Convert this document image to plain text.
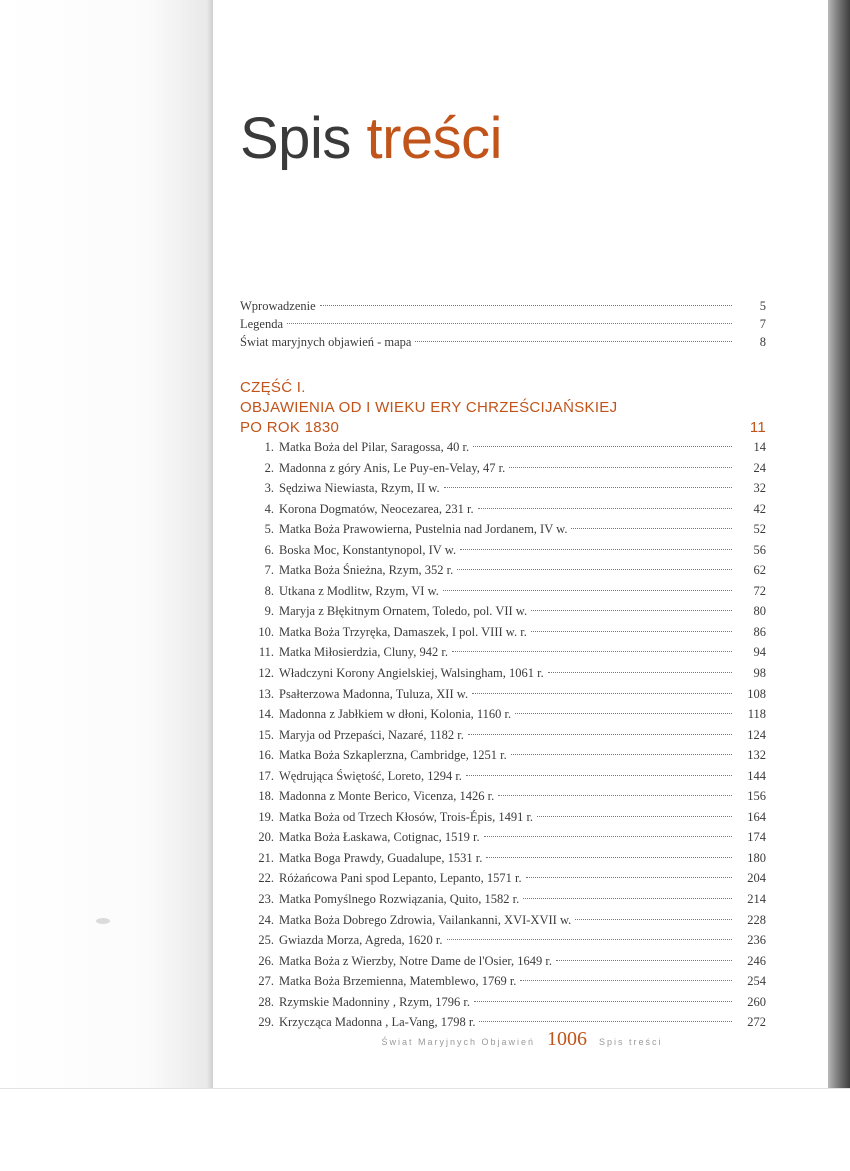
Spis treści
Wprowadzenie	5
Legenda	7
Świat maryjnych objawień - mapa	8
CZĘŚĆ I.
OBJAWIENIA OD I WIEKU ERY CHRZEŚCIJAŃSKIEJ
PO ROK 1830	11
1. Matka Boża del Pilar, Saragossa, 40 r.	14
2. Madonna z góry Anis, Le Puy-en-Velay, 47 r.	24
3. Sędziwa Niewiasta, Rzym, II w.	32
4. Korona Dogmatów, Neocezarea, 231 r.	42
5. Matka Boża Prawowierna, Pustelnia nad Jordanem, IV w.	52
6. Boska Moc, Konstantynopol, IV w.	56
7. Matka Boża Śnieżna, Rzym, 352 r.	62
8. Utkana z Modlitw, Rzym, VI w.	72
9. Maryja z Błękitnym Ornatem, Toledo, pol. VII w.	80
10. Matka Boża Trzyręka, Damaszek, I pol. VIII w. r.	86
11. Matka Miłosierdzia, Cluny, 942 r.	94
12. Władczyni Korony Angielskiej, Walsingham, 1061 r.	98
13. Psałterzowa Madonna, Tuluza, XII w.	108
14. Madonna z Jabłkiem w dłoni, Kolonia, 1160 r.	118
15. Maryja od Przepaści, Nazaré, 1182 r.	124
16. Matka Boża Szkaplerzna, Cambridge, 1251 r.	132
17. Wędrująca Świętość, Loreto, 1294 r.	144
18. Madonna z Monte Berico, Vicenza, 1426 r.	156
19. Matka Boża od Trzech Kłosów, Trois-Épis, 1491 r.	164
20. Matka Boża Łaskawa, Cotignac, 1519 r.	174
21. Matka Boga Prawdy, Guadalupe, 1531 r.	180
22. Różańcowa Pani spod Lepanto, Lepanto, 1571 r.	204
23. Matka Pomyślnego Rozwiązania, Quito, 1582 r.	214
24. Matka Boża Dobrego Zdrowia, Vailankanni, XVI-XVII w.	228
25. Gwiazda Morza, Agreda, 1620 r.	236
26. Matka Boża z Wierzby, Notre Dame de l'Osier, 1649 r.	246
27. Matka Boża Brzemienna, Matemblewo, 1769 r.	254
28. Rzymskie Madonniny , Rzym, 1796 r.	260
29. Krzycząca Madonna , La-Vang, 1798 r.	272
Świat Maryjnych Objawień 1006 Spis treści
